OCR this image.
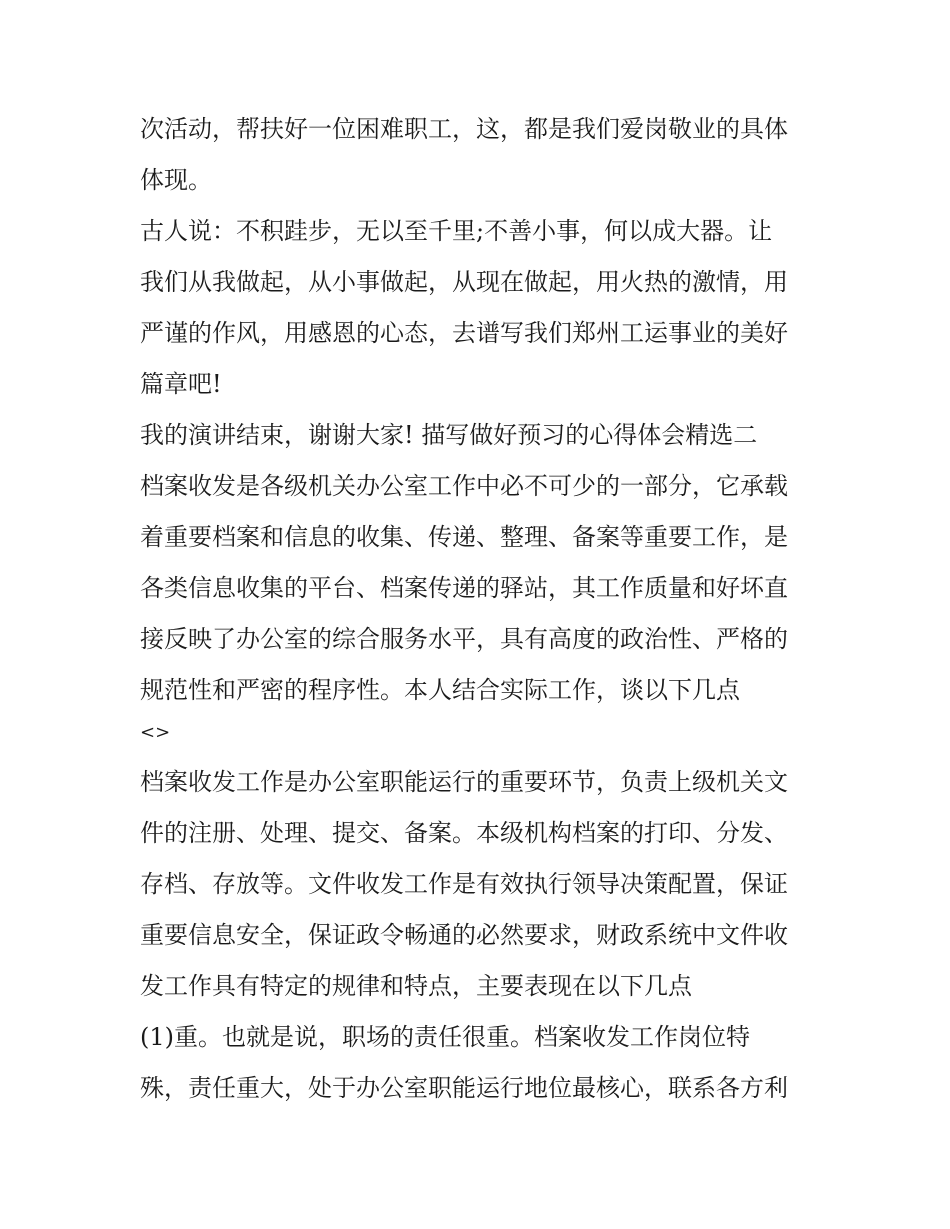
次活动，帮扶好一位困难职工，这，都是我们爱岗敬业的具体
体现。
古人说：不积跬步，无以至千里;不善小事，何以成大器。让
我们从我做起，从小事做起，从现在做起，用火热的激情，用
严谨的作风，用感恩的心态，去谱写我们郑州工运事业的美好
篇章吧!
我的演讲结束，谢谢大家! 描写做好预习的心得体会精选二
档案收发是各级机关办公室工作中必不可少的一部分，它承载
着重要档案和信息的收集、传递、整理、备案等重要工作，是
各类信息收集的平台、档案传递的驿站，其工作质量和好坏直
接反映了办公室的综合服务水平，具有高度的政治性、严格的
规范性和严密的程序性。本人结合实际工作，谈以下几点
<>
档案收发工作是办公室职能运行的重要环节，负责上级机关文
件的注册、处理、提交、备案。本级机构档案的打印、分发、
存档、存放等。文件收发工作是有效执行领导决策配置，保证
重要信息安全，保证政令畅通的必然要求，财政系统中文件收
发工作具有特定的规律和特点，主要表现在以下几点
(1)重。也就是说，职场的责任很重。档案收发工作岗位特
殊，责任重大，处于办公室职能运行地位最核心，联系各方利
